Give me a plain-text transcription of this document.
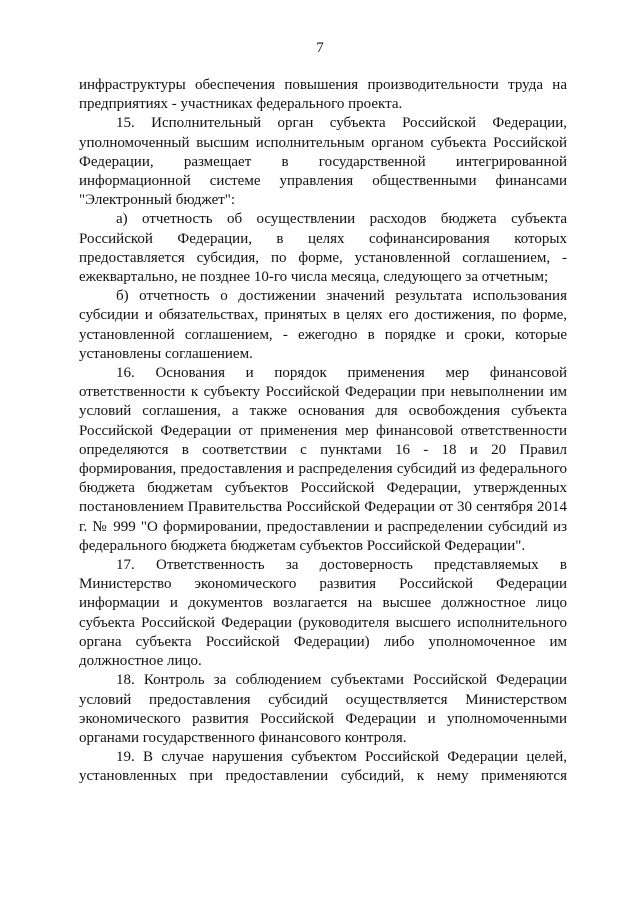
7

инфраструктуры обеспечения повышения производительности труда на предприятиях - участниках федерального проекта.

15. Исполнительный орган субъекта Российской Федерации, уполномоченный высшим исполнительным органом субъекта Российской Федерации, размещает в государственной интегрированной информационной системе управления общественными финансами "Электронный бюджет":

а) отчетность об осуществлении расходов бюджета субъекта Российской Федерации, в целях софинансирования которых предоставляется субсидия, по форме, установленной соглашением, - ежеквартально, не позднее 10-го числа месяца, следующего за отчетным;

б) отчетность о достижении значений результата использования субсидии и обязательствах, принятых в целях его достижения, по форме, установленной соглашением, - ежегодно в порядке и сроки, которые установлены соглашением.

16. Основания и порядок применения мер финансовой ответственности к субъекту Российской Федерации при невыполнении им условий соглашения, а также основания для освобождения субъекта Российской Федерации от применения мер финансовой ответственности определяются в соответствии с пунктами 16 - 18 и 20 Правил формирования, предоставления и распределения субсидий из федерального бюджета бюджетам субъектов Российской Федерации, утвержденных постановлением Правительства Российской Федерации от 30 сентября 2014 г. № 999 "О формировании, предоставлении и распределении субсидий из федерального бюджета бюджетам субъектов Российской Федерации".

17. Ответственность за достоверность представляемых в Министерство экономического развития Российской Федерации информации и документов возлагается на высшее должностное лицо субъекта Российской Федерации (руководителя высшего исполнительного органа субъекта Российской Федерации) либо уполномоченное им должностное лицо.

18. Контроль за соблюдением субъектами Российской Федерации условий предоставления субсидий осуществляется Министерством экономического развития Российской Федерации и уполномоченными органами государственного финансового контроля.

19. В случае нарушения субъектом Российской Федерации целей, установленных при предоставлении субсидий, к нему применяются
